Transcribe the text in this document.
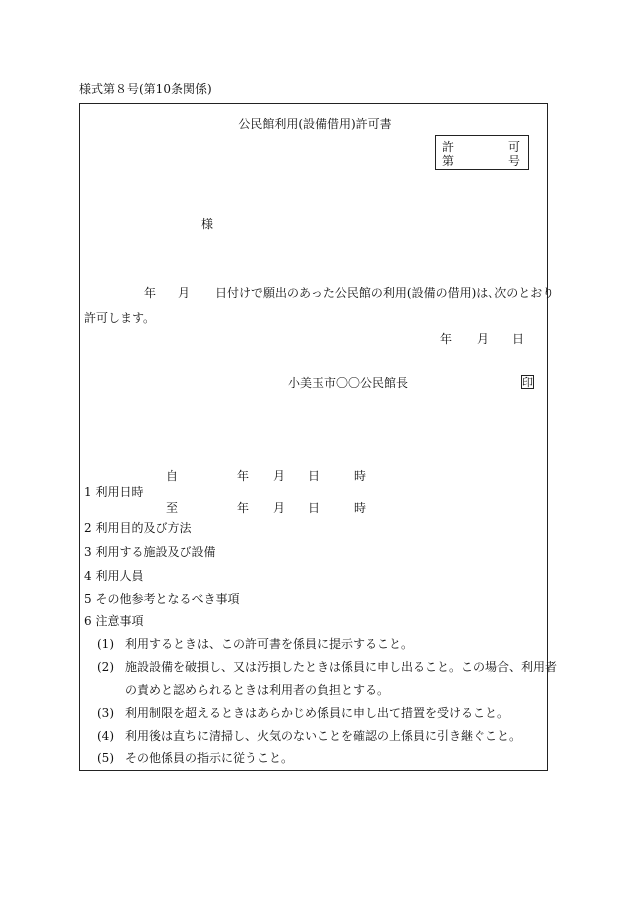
様式第８号(第10条関係)
公民館利用(設備借用)許可書
許	可
第	号
様
年 月 日付けで願出のあった公民館の利用(設備の借用)は､次のとおり
許可します。
年 月 日
小美玉市〇〇公民館長	印
自	年 月 日	時
1 利用日時
至	年 月 日	時
2 利用目的及び方法
3 利用する施設及び設備
4 利用人員
5 その他参考となるべき事項
6 注意事項
(1) 利用するときは、この許可書を係員に提示すること。
(2) 施設設備を破損し、又は汚損したときは係員に申し出ること。この場合、利用者
の責めと認められるときは利用者の負担とする。
(3) 利用制限を超えるときはあらかじめ係員に申し出て措置を受けること。
(4) 利用後は直ちに清掃し、火気のないことを確認の上係員に引き継ぐこと。
(5) その他係員の指示に従うこと。
